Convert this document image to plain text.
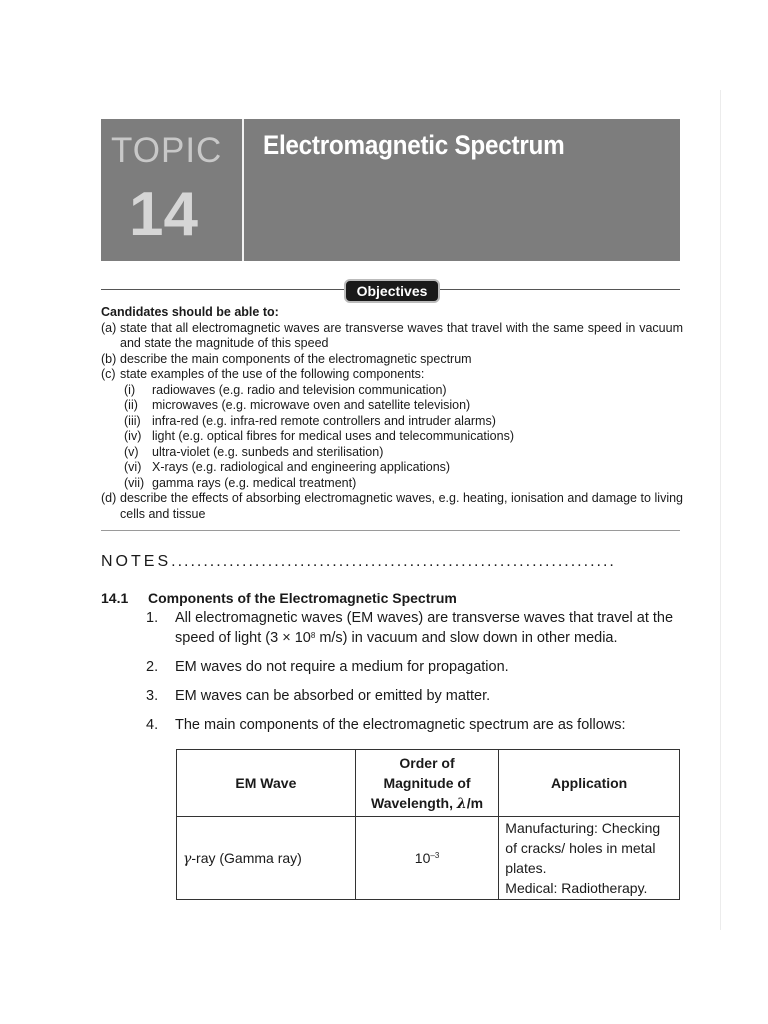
TOPIC
14
Electromagnetic Spectrum
Objectives
Candidates should be able to:
(a) state that all electromagnetic waves are transverse waves that travel with the same speed in vacuum and state the magnitude of this speed
(b) describe the main components of the electromagnetic spectrum
(c) state examples of the use of the following components:
(i)	radiowaves (e.g. radio and television communication)
(ii)	microwaves (e.g. microwave oven and satellite television)
(iii) infra-red (e.g. infra-red remote controllers and intruder alarms)
(iv) light (e.g. optical fibres for medical uses and telecommunications)
(v)	ultra-violet (e.g. sunbeds and sterilisation)
(vi) X-rays (e.g. radiological and engineering applications)
(vii) gamma rays (e.g. medical treatment)
(d) describe the effects of absorbing electromagnetic waves, e.g. heating, ionisation and damage to living cells and tissue
NOTES.....................................................................
14.1 Components of the Electromagnetic Spectrum
1.	All electromagnetic waves (EM waves) are transverse waves that travel at the speed of light ($3 \times 10^8$ m/s) in vacuum and slow down in other media.
2.	EM waves do not require a medium for propagation.
3.	EM waves can be absorbed or emitted by matter.
4.	The main components of the electromagnetic spectrum are as follows:
EM Wave	Order of
Magnitude of
Wavelength, λ/m	Application
γ-ray (Gamma ray)	$10^{-3}$	Manufacturing: Checking
of cracks/ holes in metal
plates.
Medical: Radiotherapy.
